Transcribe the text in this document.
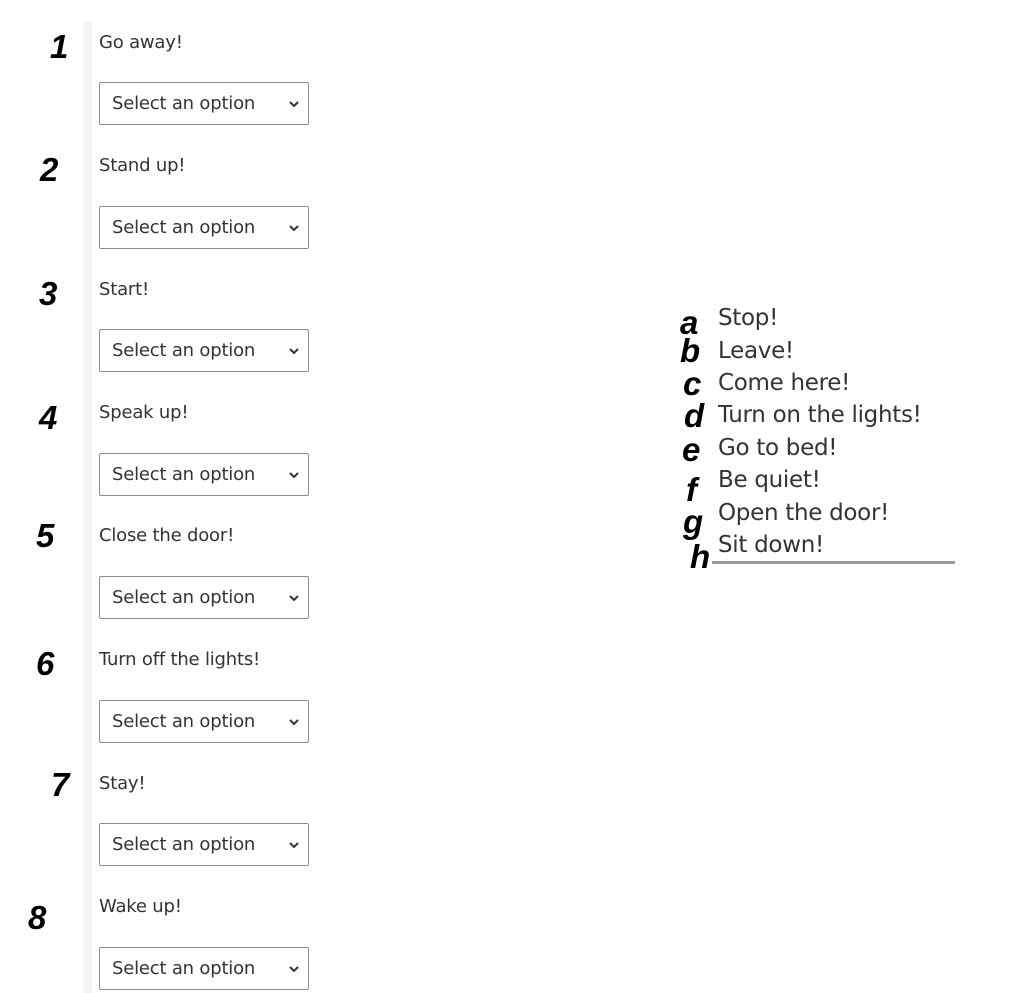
1 Go away!
Select an option
2 Stand up!
Select an option
3 Start!
Select an option
4 Speak up!
Select an option
5 Close the door!
Select an option
6 Turn off the lights!
Select an option
7 Stay!
Select an option
8	Wake up!
Select an option
a Stop!
b Leave!
c Come here!
d Turn on the lights!
e Go to bed!
f Be quiet!
g Open the door!
h Sit down!
